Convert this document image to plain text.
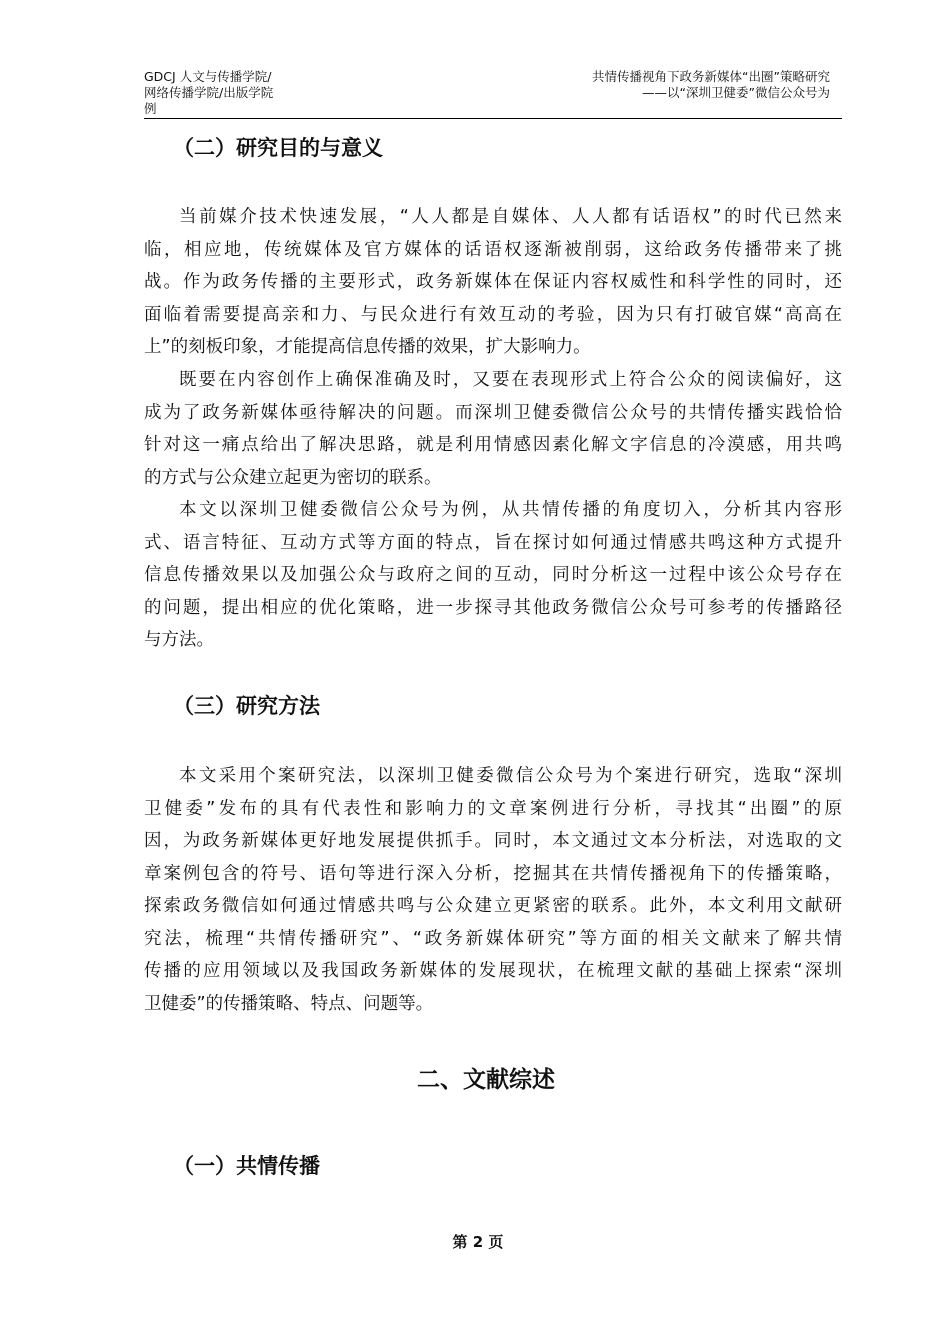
GDCJ 人文与传播学院/
网络传播学院/出版学院
例
共情传播视角下政务新媒体“出圈”策略研究
——以“深圳卫健委”微信公众号为
（二）研究目的与意义
当前媒介技术快速发展，“人人都是自媒体、人人都有话语权”的时代已然来
临，相应地，传统媒体及官方媒体的话语权逐渐被削弱，这给政务传播带来了挑
战。作为政务传播的主要形式，政务新媒体在保证内容权威性和科学性的同时，还
面临着需要提高亲和力、与民众进行有效互动的考验，因为只有打破官媒“高高在
上”的刻板印象，才能提高信息传播的效果，扩大影响力。
既要在内容创作上确保准确及时，又要在表现形式上符合公众的阅读偏好，这
成为了政务新媒体亟待解决的问题。而深圳卫健委微信公众号的共情传播实践恰恰
针对这一痛点给出了解决思路，就是利用情感因素化解文字信息的冷漠感，用共鸣
的方式与公众建立起更为密切的联系。
本文以深圳卫健委微信公众号为例，从共情传播的角度切入，分析其内容形
式、语言特征、互动方式等方面的特点，旨在探讨如何通过情感共鸣这种方式提升
信息传播效果以及加强公众与政府之间的互动，同时分析这一过程中该公众号存在
的问题，提出相应的优化策略，进一步探寻其他政务微信公众号可参考的传播路径
与方法。
（三）研究方法
本文采用个案研究法，以深圳卫健委微信公众号为个案进行研究，选取“深圳
卫健委”发布的具有代表性和影响力的文章案例进行分析，寻找其“出圈”的原
因，为政务新媒体更好地发展提供抓手。同时，本文通过文本分析法，对选取的文
章案例包含的符号、语句等进行深入分析，挖掘其在共情传播视角下的传播策略，
探索政务微信如何通过情感共鸣与公众建立更紧密的联系。此外，本文利用文献研
究法，梳理“共情传播研究”、“政务新媒体研究”等方面的相关文献来了解共情
传播的应用领域以及我国政务新媒体的发展现状，在梳理文献的基础上探索“深圳
卫健委”的传播策略、特点、问题等。
二、文献综述
（一）共情传播
第 2 页
